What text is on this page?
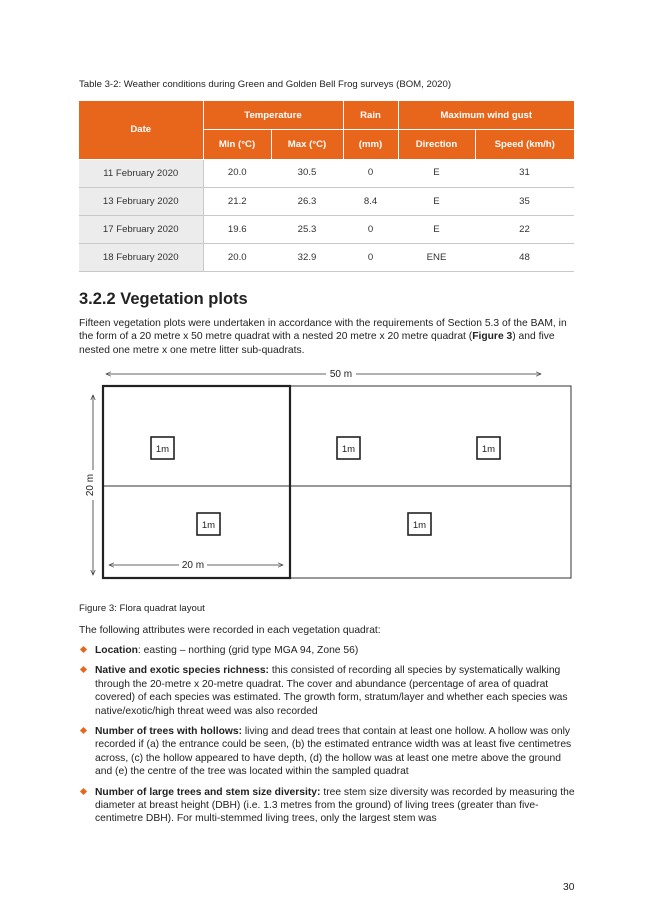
Table 3-2: Weather conditions during Green and Golden Bell Frog surveys (BOM, 2020)
Date	Temperature		Rain	Maximum wind gust	
	Min (°C)	Max (°C)	(mm)	Direction	Speed (km/h)
11 February 2020	20.0	30.5	0	E	31
13 February 2020	21.2	26.3	8.4	E	35
17 February 2020	19.6	25.3	0	E	22
18 February 2020	20.0	32.9	0	ENE	48
3.2.2 Vegetation plots

Fifteen vegetation plots were undertaken in accordance with the requirements of Section 5.3 of the BAM, in the form of a 20 metre x 50 metre quadrat with a nested 20 metre x 20 metre quadrat (Figure 3) and five nested one metre x one metre litter sub-quadrats.

50 m
20 m
1m	1m	1m
1m	1m
20 m
Figure 3: Flora quadrat layout

The following attributes were recorded in each vegetation quadrat:

Location: easting – northing (grid type MGA 94, Zone 56)
Native and exotic species richness: this consisted of recording all species by systematically walking through the 20-metre x 20-metre quadrat. The cover and abundance (percentage of area of quadrat covered) of each species was estimated. The growth form, stratum/layer and whether each species was native/exotic/high threat weed was also recorded
Number of trees with hollows: living and dead trees that contain at least one hollow. A hollow was only recorded if (a) the entrance could be seen, (b) the estimated entrance width was at least five centimetres across, (c) the hollow appeared to have depth, (d) the hollow was at least one metre above the ground and (e) the centre of the tree was located within the sampled quadrat
Number of large trees and stem size diversity: tree stem size diversity was recorded by measuring the diameter at breast height (DBH) (i.e. 1.3 metres from the ground) of living trees (greater than five-centimetre DBH). For multi-stemmed living trees, only the largest stem was
30
